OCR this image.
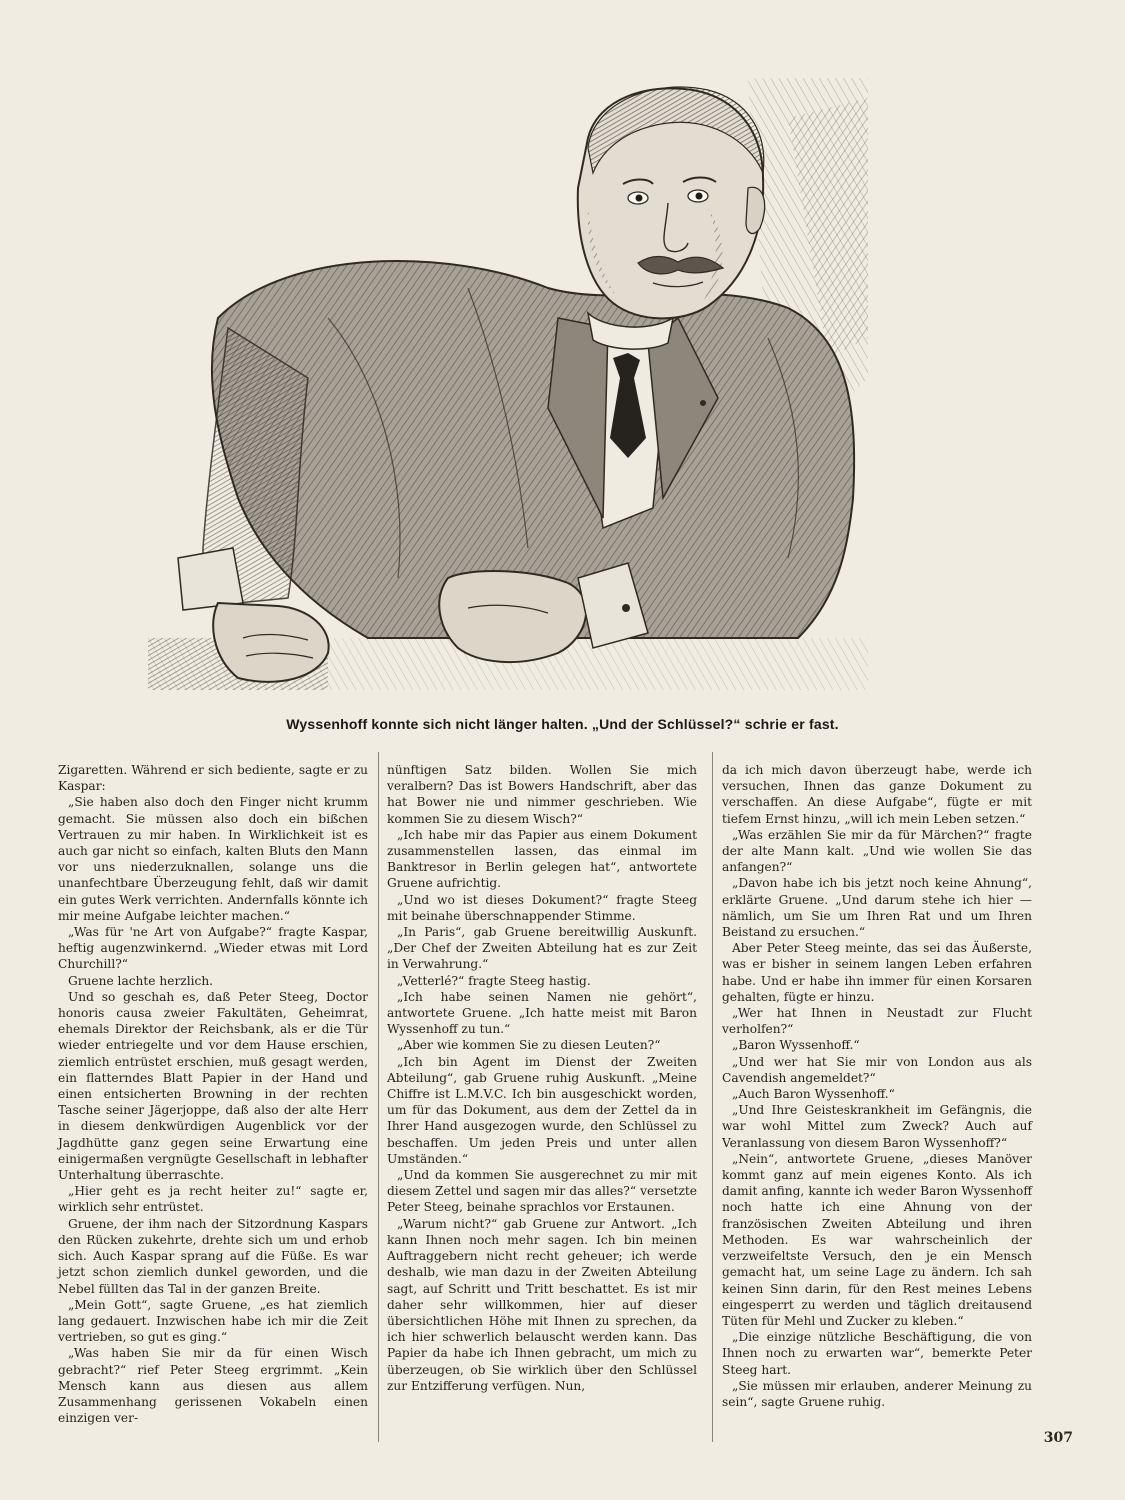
Wyssenhoff konnte sich nicht länger halten. „Und der Schlüssel?“ schrie er fast.

Zigaretten. Während er sich bediente, sagte er zu Kaspar:

„Sie haben also doch den Finger nicht krumm gemacht. Sie müssen also doch ein bißchen Vertrauen zu mir haben. In Wirklichkeit ist es auch gar nicht so einfach, kalten Bluts den Mann vor uns niederzuknallen, solange uns die unanfechtbare Überzeugung fehlt, daß wir damit ein gutes Werk verrichten. Andernfalls könnte ich mir meine Aufgabe leichter machen.“

„Was für 'ne Art von Aufgabe?“ fragte Kaspar, heftig augenzwinkernd. „Wieder etwas mit Lord Churchill?“

Gruene lachte herzlich.

Und so geschah es, daß Peter Steeg, Doctor honoris causa zweier Fakultäten, Geheimrat, ehemals Direktor der Reichsbank, als er die Tür wieder entriegelte und vor dem Hause erschien, ziemlich entrüstet erschien, muß gesagt werden, ein flatterndes Blatt Papier in der Hand und einen entsicherten Browning in der rechten Tasche seiner Jägerjoppe, daß also der alte Herr in diesem denkwürdigen Augenblick vor der Jagdhütte ganz gegen seine Erwartung eine einigermaßen vergnügte Gesellschaft in lebhafter Unterhaltung überraschte.

„Hier geht es ja recht heiter zu!“ sagte er, wirklich sehr entrüstet.

Gruene, der ihm nach der Sitzordnung Kaspars den Rücken zukehrte, drehte sich um und erhob sich. Auch Kaspar sprang auf die Füße. Es war jetzt schon ziemlich dunkel geworden, und die Nebel füllten das Tal in der ganzen Breite.

„Mein Gott“, sagte Gruene, „es hat ziemlich lang gedauert. Inzwischen habe ich mir die Zeit vertrieben, so gut es ging.“

„Was haben Sie mir da für einen Wisch gebracht?“ rief Peter Steeg ergrimmt. „Kein Mensch kann aus diesen aus allem Zusammenhang gerissenen Vokabeln einen einzigen ver-

nünftigen Satz bilden. Wollen Sie mich veralbern? Das ist Bowers Handschrift, aber das hat Bower nie und nimmer geschrieben. Wie kommen Sie zu diesem Wisch?“

„Ich habe mir das Papier aus einem Dokument zusammenstellen lassen, das einmal im Banktresor in Berlin gelegen hat“, antwortete Gruene aufrichtig.

„Und wo ist dieses Dokument?“ fragte Steeg mit beinahe überschnappender Stimme.

„In Paris“, gab Gruene bereitwillig Auskunft. „Der Chef der Zweiten Abteilung hat es zur Zeit in Verwahrung.“

„Vetterlé?“ fragte Steeg hastig.

„Ich habe seinen Namen nie gehört“, antwortete Gruene. „Ich hatte meist mit Baron Wyssenhoff zu tun.“

„Aber wie kommen Sie zu diesen Leuten?“

„Ich bin Agent im Dienst der Zweiten Abteilung“, gab Gruene ruhig Auskunft. „Meine Chiffre ist L.M.V.C. Ich bin ausgeschickt worden, um für das Dokument, aus dem der Zettel da in Ihrer Hand ausgezogen wurde, den Schlüssel zu beschaffen. Um jeden Preis und unter allen Umständen.“

„Und da kommen Sie ausgerechnet zu mir mit diesem Zettel und sagen mir das alles?“ versetzte Peter Steeg, beinahe sprachlos vor Erstaunen.

„Warum nicht?“ gab Gruene zur Antwort. „Ich kann Ihnen noch mehr sagen. Ich bin meinen Auftraggebern nicht recht geheuer; ich werde deshalb, wie man dazu in der Zweiten Abteilung sagt, auf Schritt und Tritt beschattet. Es ist mir daher sehr willkommen, hier auf dieser übersichtlichen Höhe mit Ihnen zu sprechen, da ich hier schwerlich belauscht werden kann. Das Papier da habe ich Ihnen gebracht, um mich zu überzeugen, ob Sie wirklich über den Schlüssel zur Entzifferung verfügen. Nun,

da ich mich davon überzeugt habe, werde ich versuchen, Ihnen das ganze Dokument zu verschaffen. An diese Aufgabe“, fügte er mit tiefem Ernst hinzu, „will ich mein Leben setzen.“

„Was erzählen Sie mir da für Märchen?“ fragte der alte Mann kalt. „Und wie wollen Sie das anfangen?“

„Davon habe ich bis jetzt noch keine Ahnung“, erklärte Gruene. „Und darum stehe ich hier — nämlich, um Sie um Ihren Rat und um Ihren Beistand zu ersuchen.“

Aber Peter Steeg meinte, das sei das Äußerste, was er bisher in seinem langen Leben erfahren habe. Und er habe ihn immer für einen Korsaren gehalten, fügte er hinzu.

„Wer hat Ihnen in Neustadt zur Flucht verholfen?“

„Baron Wyssenhoff.“

„Und wer hat Sie mir von London aus als Cavendish angemeldet?“

„Auch Baron Wyssenhoff.“

„Und Ihre Geisteskrankheit im Gefängnis, die war wohl Mittel zum Zweck? Auch auf Veranlassung von diesem Baron Wyssenhoff?“

„Nein“, antwortete Gruene, „dieses Manöver kommt ganz auf mein eigenes Konto. Als ich damit anfing, kannte ich weder Baron Wyssenhoff noch hatte ich eine Ahnung von der französischen Zweiten Abteilung und ihren Methoden. Es war wahrscheinlich der verzweifeltste Versuch, den je ein Mensch gemacht hat, um seine Lage zu ändern. Ich sah keinen Sinn darin, für den Rest meines Lebens eingesperrt zu werden und täglich dreitausend Tüten für Mehl und Zucker zu kleben.“

„Die einzige nützliche Beschäftigung, die von Ihnen noch zu erwarten war“, bemerkte Peter Steeg hart.

„Sie müssen mir erlauben, anderer Meinung zu sein“, sagte Gruene ruhig.

307
